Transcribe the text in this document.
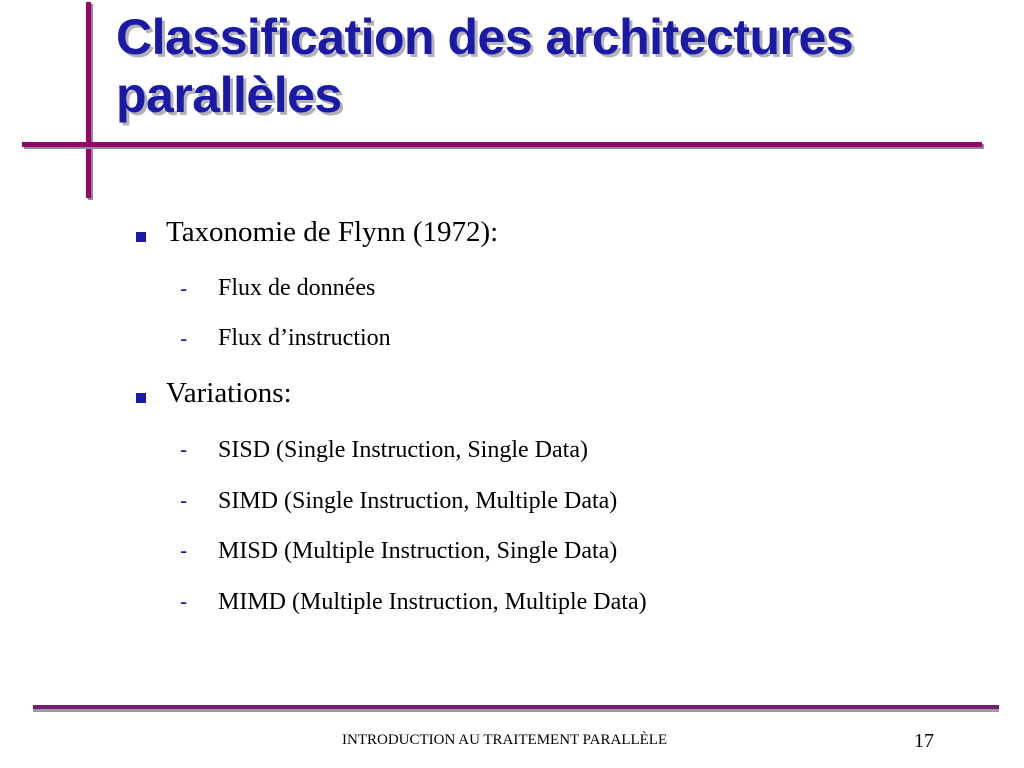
Classification des architectures
parallèles
Taxonomie de Flynn (1972):
- Flux de données
- Flux d’instruction
Variations:
- SISD (Single Instruction, Single Data)
- SIMD (Single Instruction, Multiple Data)
- MISD (Multiple Instruction, Single Data)
- MIMD (Multiple Instruction, Multiple Data)
INTRODUCTION AU TRAITEMENT PARALLÈLE	17
